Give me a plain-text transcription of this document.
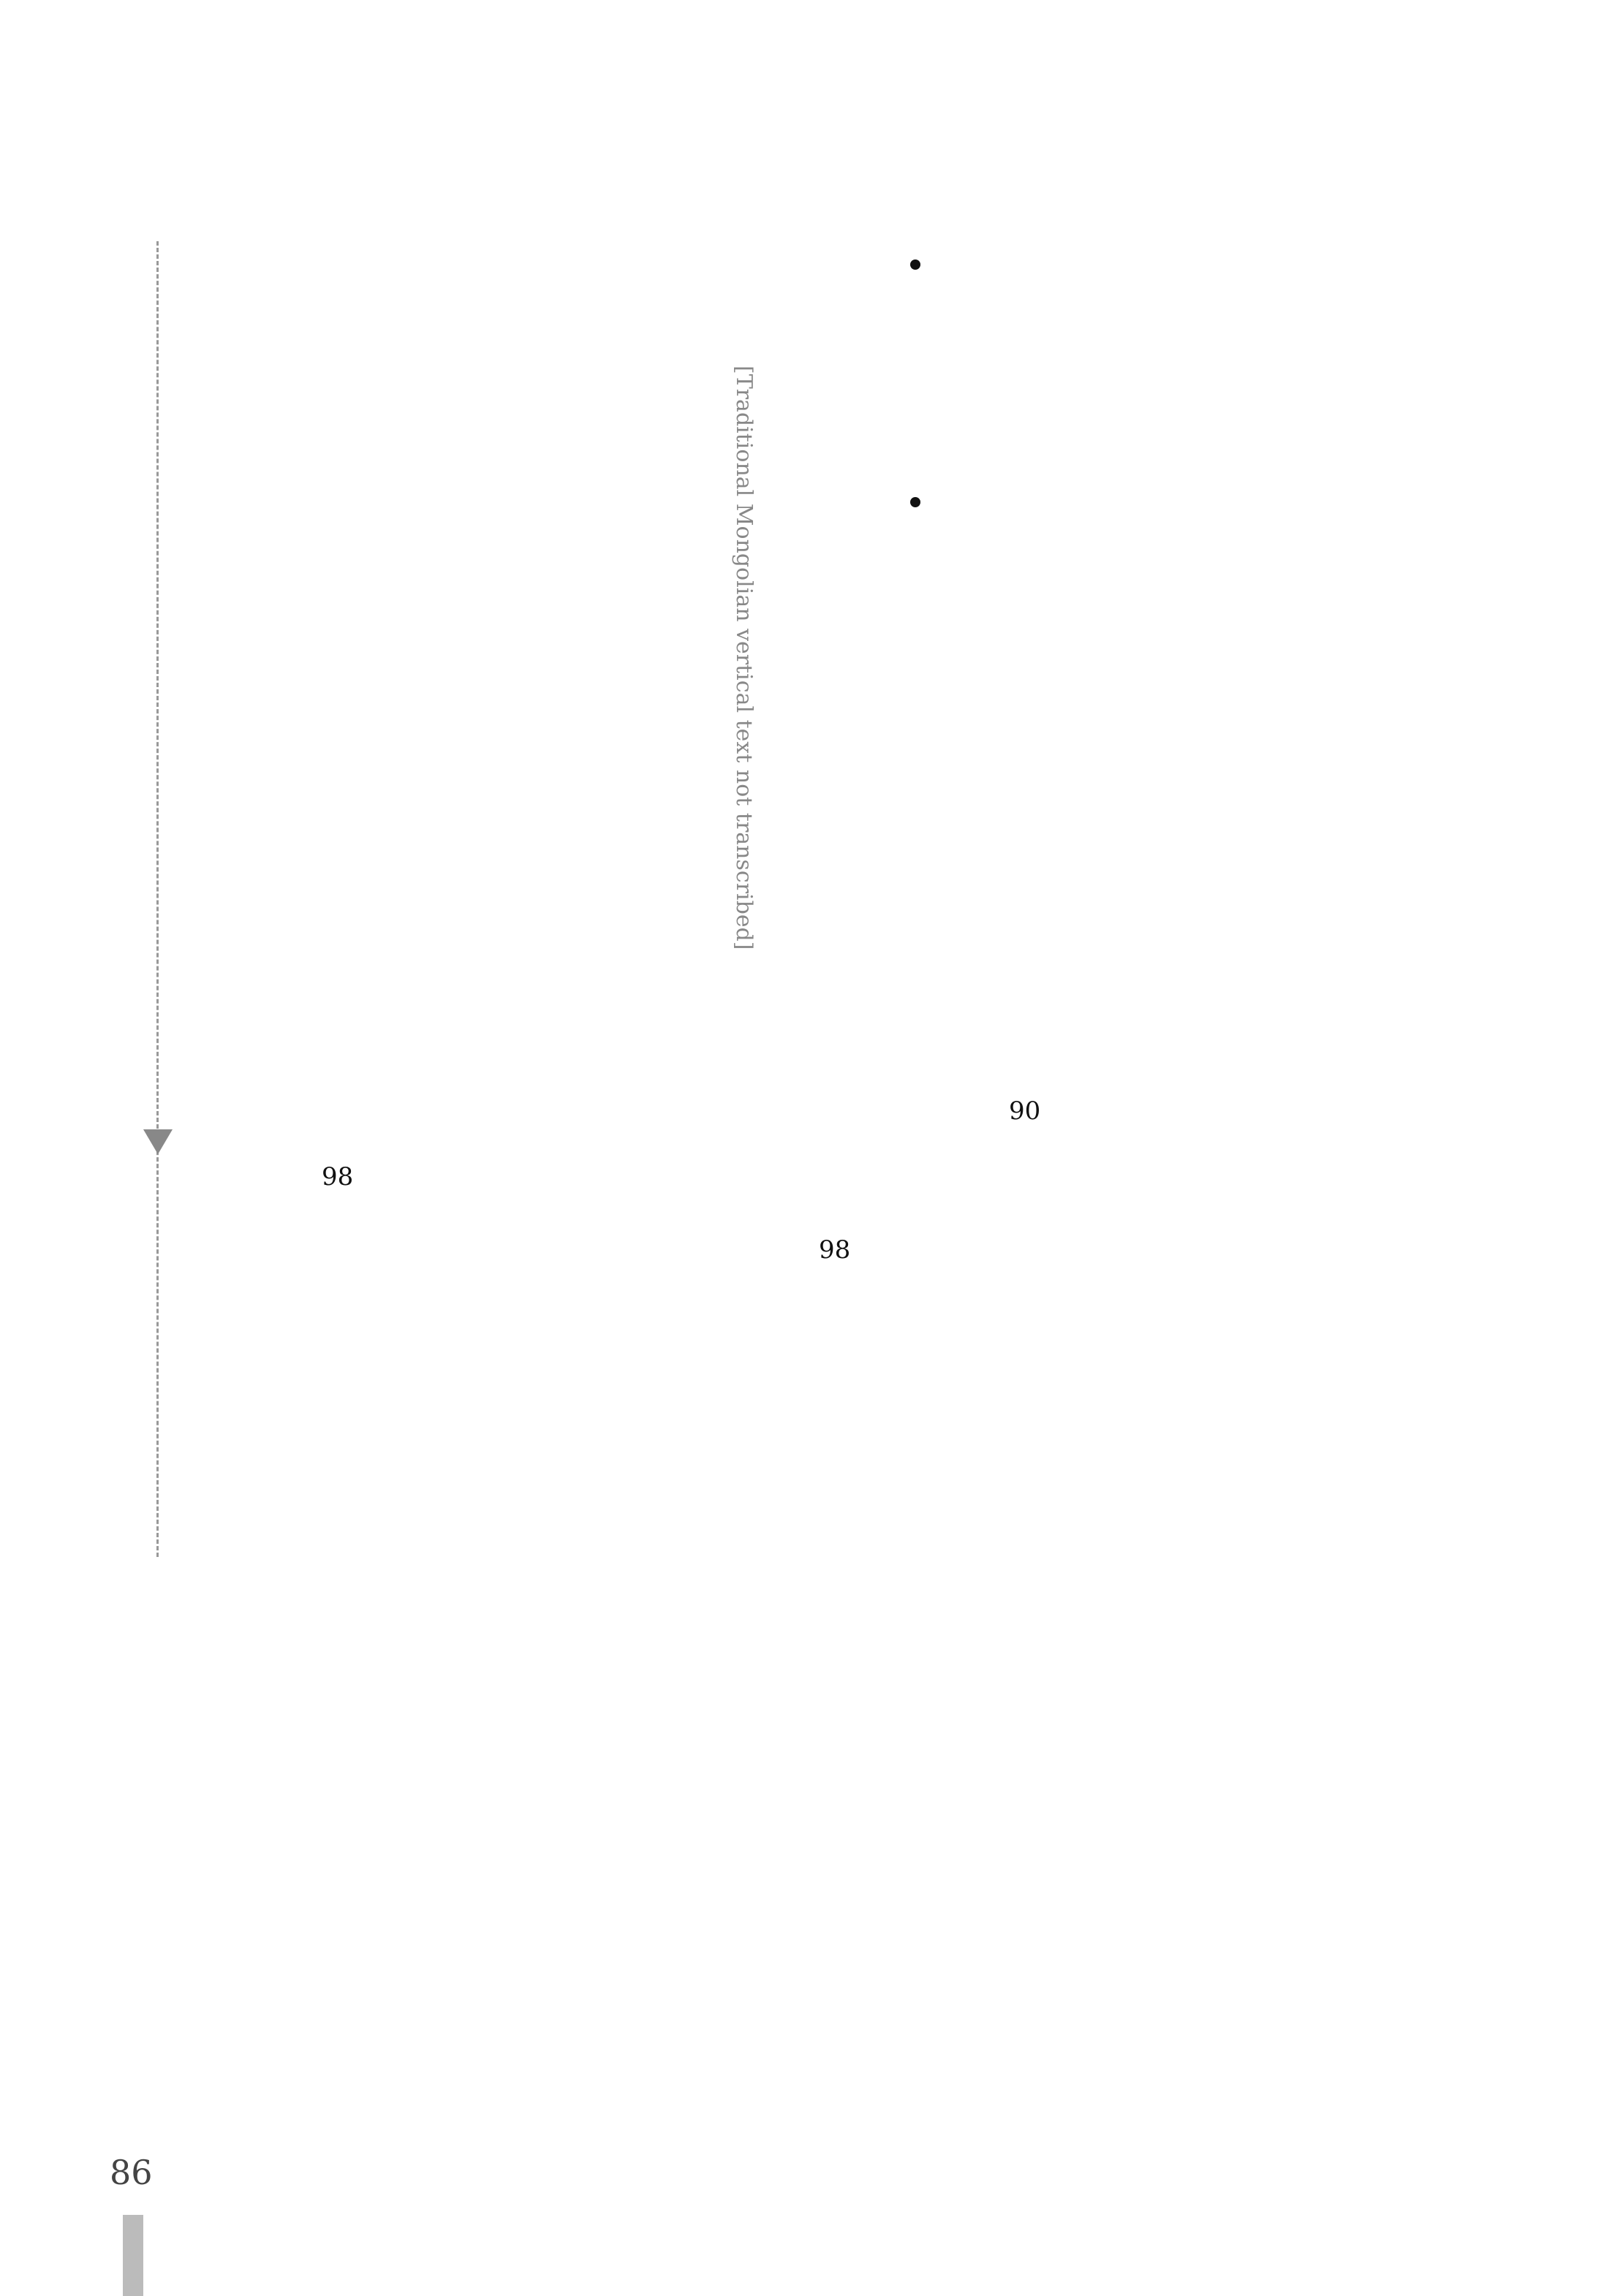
86
[Traditional Mongolian vertical text not transcribed]
98
90
98
